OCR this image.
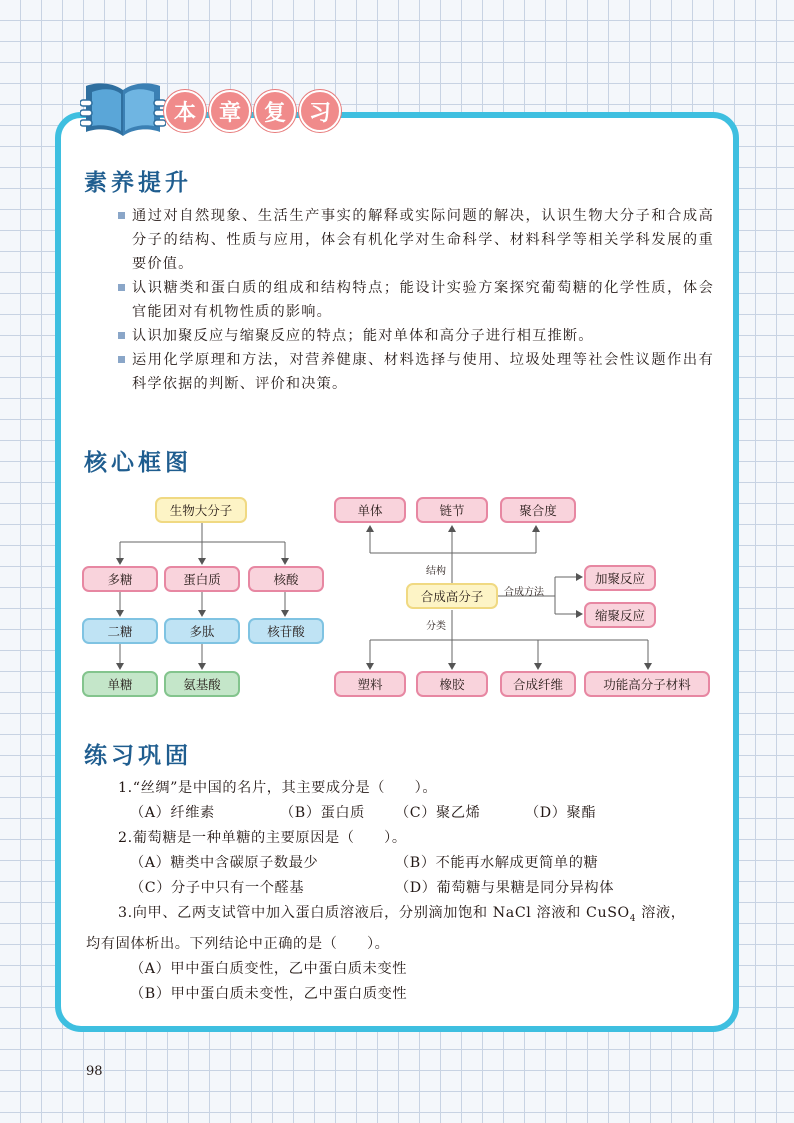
本	章	复	习
素养提升
通过对自然现象、生活生产事实的解释或实际问题的解决，认识生物大分子和合成高分子的结构、性质与应用，体会有机化学对生命科学、材料科学等相关学科发展的重要价值。
认识糖类和蛋白质的组成和结构特点；能设计实验方案探究葡萄糖的化学性质，体会官能团对有机物性质的影响。
认识加聚反应与缩聚反应的特点；能对单体和高分子进行相互推断。
运用化学原理和方法，对营养健康、材料选择与使用、垃圾处理等社会性议题作出有科学依据的判断、评价和决策。
核心框图
生物大分子
多糖	蛋白质	核酸
二糖	多肽	核苷酸
单糖	氨基酸
单体	链节	聚合度
合成高分子
加聚反应
缩聚反应
塑料	橡胶	合成纤维	功能高分子材料
结构
合成方法
分类
练习巩固
1.“丝绸”是中国的名片，其主要成分是（　　）。
（A）纤维素	（B）蛋白质	（C）聚乙烯	（D）聚酯
2.葡萄糖是一种单糖的主要原因是（　　）。
（A）糖类中含碳原子数最少	（B）不能再水解成更简单的糖
（C）分子中只有一个醛基	（D）葡萄糖与果糖是同分异构体
3.向甲、乙两支试管中加入蛋白质溶液后，分别滴加饱和 NaCl 溶液和 CuSO$_4$ 溶液，
均有固体析出。下列结论中正确的是（　　）。
（A）甲中蛋白质变性，乙中蛋白质未变性
（B）甲中蛋白质未变性，乙中蛋白质变性
98
